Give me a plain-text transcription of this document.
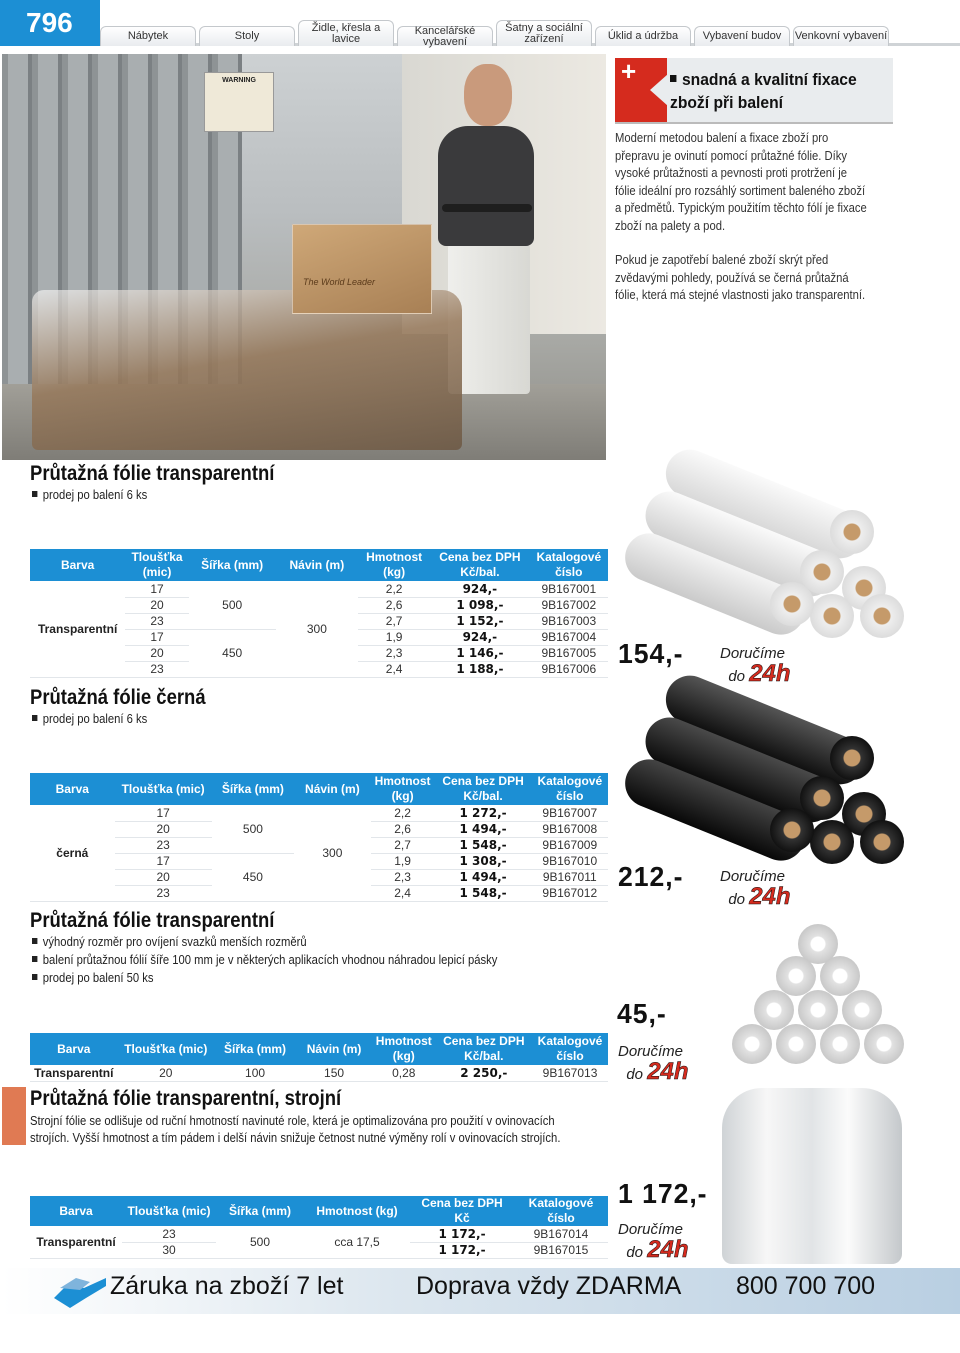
796	Nábytek	Stoly
Židle, křesla a lavice
Kancelářské vybavení
Šatny a sociální zařízení	Úklid a údržba	Vybavení budov	Venkovní vybavení
WARNING
The World Leader
+	snadná a kvalitní fixace
zboží při balení
Moderní metodou balení a fixace zboží pro přepravu je ovinutí pomocí průtažné fólie. Díky vysoké průtažnosti a pevnosti proti protržení je fólie ideální pro rozsáhlý sortiment baleného zboží a předmětů. Typickým použitím těchto fólí je fixace zboží na palety a pod.
Pokud je zapotřebí balené zboží skrýt před zvědavými pohledy, používá se černá průtažná fólie, která má stejné vlastnosti jako transparentní.
Průtažná fólie transparentní
prodej po balení 6 ks
Barva	Tloušťka (mic)	Šířka (mm)	Návin (m)	Hmotnost (kg)	Cena bez DPH Kč/bal.	Katalogové číslo
Transparentní	17	500	300	2,2	924,-	9B167001
	20			2,6	1 098,-	9B167002
	23			2,7	1 152,-	9B167003
	17	450		1,9	924,-	9B167004
	20			2,3	1 146,-	9B167005
	23			2,4	1 188,-	9B167006 154,- Doručíme
do 24h
Průtažná fólie černá
prodej po balení 6 ks
Barva	Tloušťka (mic)	Šířka (mm)	Návin (m)	Hmotnost (kg)	Cena bez DPH Kč/bal.	Katalogové číslo
černá	17	500	300	2,2	1 272,-	9B167007
	20			2,6	1 494,-	9B167008
	23			2,7	1 548,-	9B167009
	17	450		1,9	1 308,-	9B167010
	20			2,3	1 494,-	9B167011
	23			2,4	1 548,-	9B167012
212,- Doručíme
do 24h
Průtažná fólie transparentní
výhodný rozměr pro ovíjení svazků menších rozměrů
balení průtažnou fólií šíře 100 mm je v některých aplikacích vhodnou náhradou lepicí pásky
prodej po balení 50 ks
Barva	Tloušťka (mic)	Šířka (mm)	Návin (m)	Hmotnost (kg)	Cena bez DPH Kč/bal.	Katalogové číslo
Transparentní	20	100	150	0,28	2 250,-	9B167013
45,-
Doručíme
do 24h
Průtažná fólie transparentní, strojní
Strojní fólie se odlišuje od ruční hmotností navinuté role, která je optimalizována pro použití v ovinovacích strojích. Vyšší hmotnost a tím pádem i delší návin snižuje četnost nutné výměny rolí v ovinovacích strojích.
Barva	Tloušťka (mic)	Šířka (mm)	Hmotnost (kg)	Cena bez DPH Kč	Katalogové číslo
Transparentní	23	500	cca 17,5	1 172,-	9B167014
	30			1 172,-	9B167015
1 172,-
Doručíme
do 24h
Záruka na zboží 7 let	Doprava vždy ZDARMA 800 700 700
